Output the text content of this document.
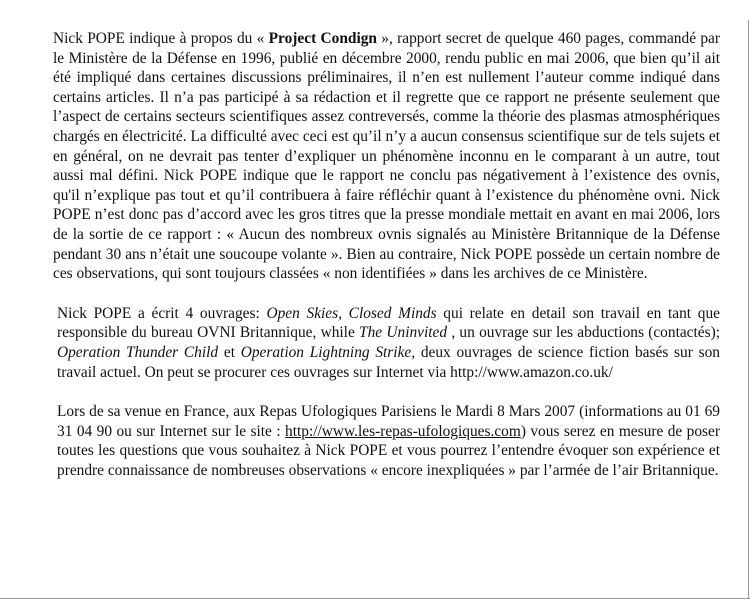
Nick POPE indique à propos du « Project Condign », rapport secret de quelque 460 pages, commandé par le Ministère de la Défense en 1996, publié en décembre 2000, rendu public en mai 2006, que bien qu’il ait été impliqué dans certaines discussions préliminaires, il n’en est nullement l’auteur comme indiqué dans certains articles. Il n’a pas participé à sa rédaction et il regrette que ce rapport ne présente seulement que l’aspect de certains secteurs scientifiques assez contreversés, comme la théorie des plasmas atmosphériques chargés en électricité. La difficulté avec ceci est qu’il n’y a aucun consensus scientifique sur de tels sujets et en général, on ne devrait pas tenter d’expliquer un phénomène inconnu en le comparant à un autre, tout aussi mal défini. Nick POPE indique que le rapport ne conclu pas négativement à l’existence des ovnis, qu'il n’explique pas tout et qu’il contribuera à faire réfléchir quant à l’existence du phénomène ovni. Nick POPE n’est donc pas d’accord avec les gros titres que la presse mondiale mettait en avant en mai 2006, lors de la sortie de ce rapport : « Aucun des nombreux ovnis signalés au Ministère Britannique de la Défense pendant 30 ans n’était une soucoupe volante ». Bien au contraire, Nick POPE possède un certain nombre de ces observations, qui sont toujours classées « non identifiées » dans les archives de ce Ministère.

Nick POPE a écrit 4 ouvrages: Open Skies, Closed Minds qui relate en detail son travail en tant que responsible du bureau OVNI Britannique, while The Uninvited , un ouvrage sur les abductions (contactés); Operation Thunder Child et Operation Lightning Strike, deux ouvrages de science fiction basés sur son travail actuel. On peut se procurer ces ouvrages sur Internet via http://www.amazon.co.uk/

Lors de sa venue en France, aux Repas Ufologiques Parisiens le Mardi 8 Mars 2007 (informations au 01 69 31 04 90 ou sur Internet sur le site : http://www.les-repas-ufologiques.com) vous serez en mesure de poser toutes les questions que vous souhaitez à Nick POPE et vous pourrez l’entendre évoquer son expérience et prendre connaissance de nombreuses observations « encore inexpliquées » par l’armée de l’air Britannique.
